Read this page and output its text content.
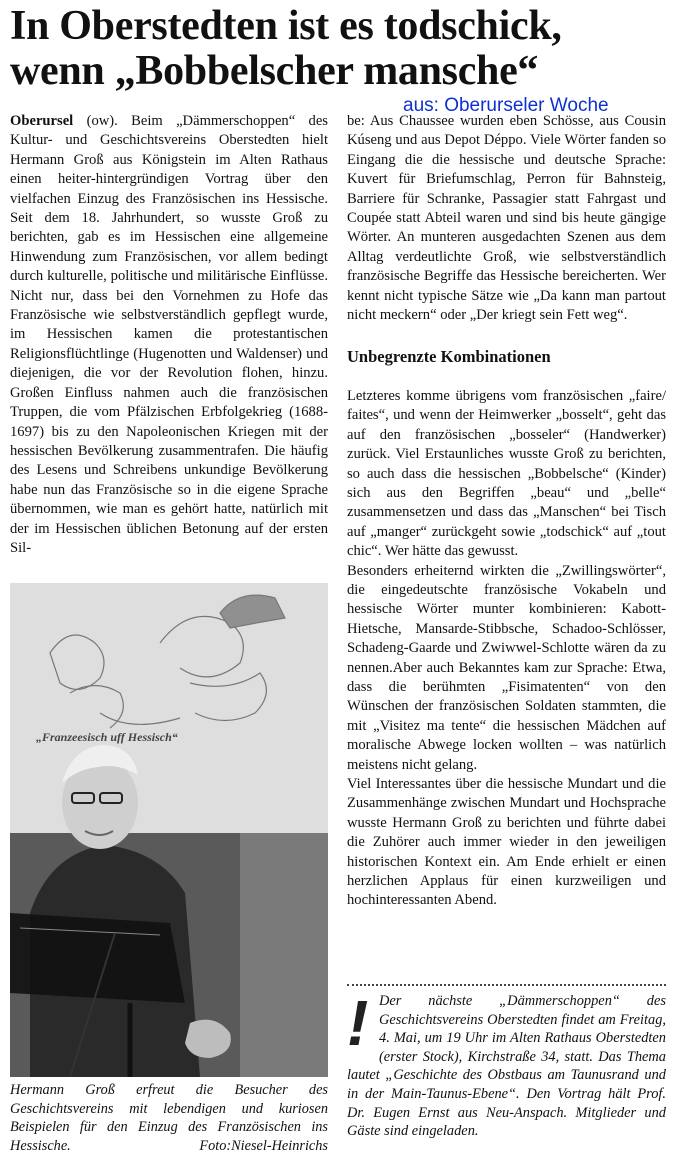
In Oberstedten ist es todschick,
wenn „Bobbelscher mansche“
aus: Oberurseler Woche

Oberursel (ow). Beim „Dämmerschoppen“ des Kultur- und Geschichtsvereins Oberstedten hielt Hermann Groß aus Königstein im Alten Rathaus einen heiter-hintergründigen Vortrag über den vielfachen Einzug des Französischen ins Hessische. Seit dem 18. Jahrhundert, so wusste Groß zu berichten, gab es im Hessischen eine allgemeine Hinwendung zum Französischen, vor allem bedingt durch kulturelle, politische und militärische Einflüsse. Nicht nur, dass bei den Vornehmen zu Hofe das Französische wie selbstverständlich gepflegt wurde, im Hessischen kamen die protestantischen Religionsflüchtlinge (Hugenotten und Waldenser) und diejenigen, die vor der Revolution flohen, hinzu. Großen Einfluss nahmen auch die französischen Truppen, die vom Pfälzischen Erbfolgekrieg (1688-1697) bis zu den Napoleonischen Kriegen mit der hessischen Bevölkerung zusammentrafen. Die häufig des Lesens und Schreibens unkundige Bevölkerung habe nun das Französische so in die eigene Sprache übernommen, wie man es gehört hatte, natürlich mit der im Hessischen üblichen Betonung auf der ersten Sil-

be: Aus Chaussee wurden eben Schösse, aus Cousin Kúseng und aus Depot Déppo. Viele Wörter fanden so Eingang die die hessische und deutsche Sprache: Kuvert für Briefumschlag, Perron für Bahnsteig, Barriere für Schranke, Passagier statt Fahrgast und Coupée statt Abteil waren und sind bis heute gängige Wörter. An munteren ausgedachten Szenen aus dem Alltag verdeutlichte Groß, wie selbstverständlich französische Begriffe das Hessische bereicherten. Wer kennt nicht typische Sätze wie „Da kann man partout nicht meckern“ oder „Der kriegt sein Fett weg“.

Unbegrenzte Kombinationen

Letzteres komme übrigens vom französischen „faire/ faites“, und wenn der Heimwerker „bosselt“, geht das auf den französischen „bosseler“ (Handwerker) zurück. Viel Erstaunliches wusste Groß zu berichten, so auch dass die hessischen „Bobbelsche“ (Kinder) sich aus den Begriffen „beau“ und „belle“ zusammensetzen und dass das „Manschen“ bei Tisch auf „manger“ zurückgeht sowie „todschick“ auf „tout chic“. Wer hätte das gewusst.

Besonders erheiternd wirkten die „Zwillingswörter“, die eingedeutschte französische Vokabeln und hessische Wörter munter kombinieren: Kabott-Hietsche, Mansarde-Stibbsche, Schadoo-Schlösser, Schadeng-Gaarde und Zwiwwel-Schlotte wären da zu nennen.Aber auch Bekanntes kam zur Sprache: Etwa, dass die berühmten „Fisimatenten“ von den Wünschen der französischen Soldaten stammten, die mit „Visitez ma tente“ die hessischen Mädchen auf moralische Abwege locken wollten – was natürlich meistens nicht gelang.

Viel Interessantes über die hessische Mundart und die Zusammenhänge zwischen Mundart und Hochsprache wusste Hermann Groß zu berichten und führte dabei die Zuhörer auch immer wieder in den jeweiligen historischen Kontext ein. Am Ende erhielt er einen herzlichen Applaus für einen kurzweiligen und hochinteressanten Abend.

„Franzeesisch uff Hessisch“
Hermann Groß erfreut die Besucher des Geschichtsvereins mit lebendigen und kuriosen Beispielen für den Einzug des Französischen ins Hessische.	Foto:Niesel-Heinrichs
! Der nächste „Dämmerschoppen“ des Geschichtsvereins Oberstedten findet am Freitag, 4. Mai, um 19 Uhr im Alten Rathaus Oberstedten (erster Stock), Kirchstraße 34, statt. Das Thema lautet „Geschichte des Obstbaus am Taunusrand und in der Main-Taunus-Ebene“. Den Vortrag hält Prof. Dr. Eugen Ernst aus Neu-Anspach. Mitglieder und Gäste sind eingeladen.
